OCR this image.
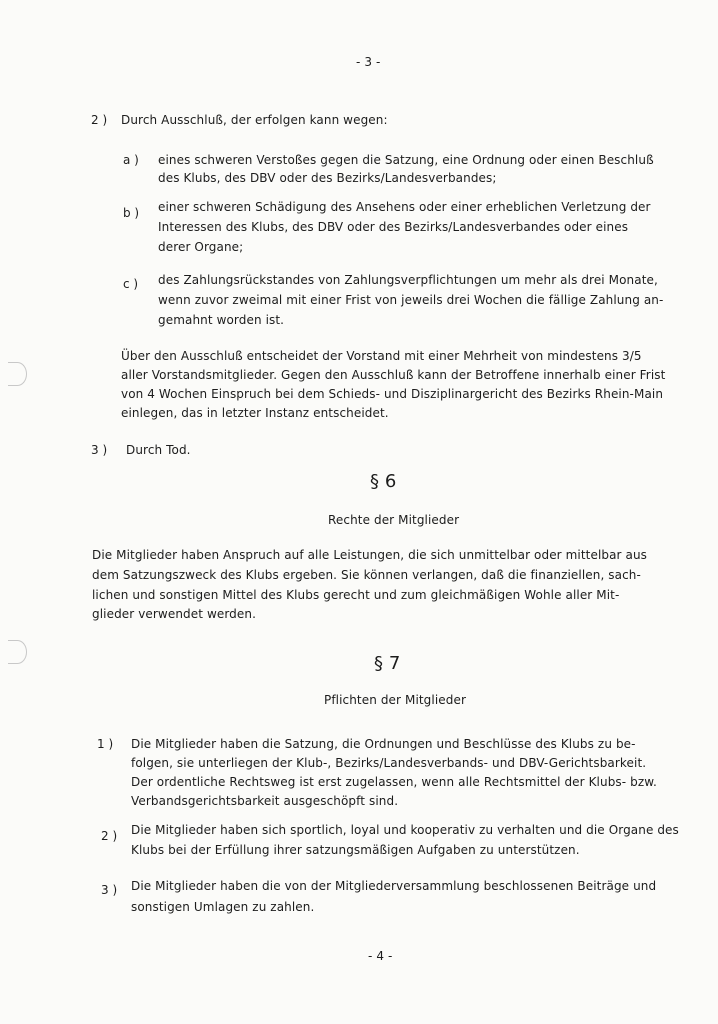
- 3 -
2 ) Durch Ausschluß, der erfolgen kann wegen:
a ) eines schweren Verstoßes gegen die Satzung, eine Ordnung oder einen Beschluß
des Klubs, des DBV oder des Bezirks/Landesverbandes;
b ) einer schweren Schädigung des Ansehens oder einer erheblichen Verletzung der
Interessen des Klubs, des DBV oder des Bezirks/Landesverbandes oder eines
derer Organe;
c ) des Zahlungsrückstandes von Zahlungsverpflichtungen um mehr als drei Monate,
wenn zuvor zweimal mit einer Frist von jeweils drei Wochen die fällige Zahlung an-
gemahnt worden ist.
Über den Ausschluß entscheidet der Vorstand mit einer Mehrheit von mindestens 3/5
aller Vorstandsmitglieder. Gegen den Ausschluß kann der Betroffene innerhalb einer Frist
von 4 Wochen Einspruch bei dem Schieds- und Disziplinargericht des Bezirks Rhein-Main
einlegen, das in letzter Instanz entscheidet.
3 ) Durch Tod.
§ 6
Rechte der Mitglieder
Die Mitglieder haben Anspruch auf alle Leistungen, die sich unmittelbar oder mittelbar aus
dem Satzungszweck des Klubs ergeben. Sie können verlangen, daß die finanziellen, sach-
lichen und sonstigen Mittel des Klubs gerecht und zum gleichmäßigen Wohle aller Mit-
glieder verwendet werden.
§ 7
Pflichten der Mitglieder
1 ) Die Mitglieder haben die Satzung, die Ordnungen und Beschlüsse des Klubs zu be-
folgen, sie unterliegen der Klub-, Bezirks/Landesverbands- und DBV-Gerichtsbarkeit.
Der ordentliche Rechtsweg ist erst zugelassen, wenn alle Rechtsmittel der Klubs- bzw.
Verbandsgerichtsbarkeit ausgeschöpft sind.
2 ) Die Mitglieder haben sich sportlich, loyal und kooperativ zu verhalten und die Organe des
Klubs bei der Erfüllung ihrer satzungsmäßigen Aufgaben zu unterstützen.
3 ) Die Mitglieder haben die von der Mitgliederversammlung beschlossenen Beiträge und
sonstigen Umlagen zu zahlen.
- 4 -
